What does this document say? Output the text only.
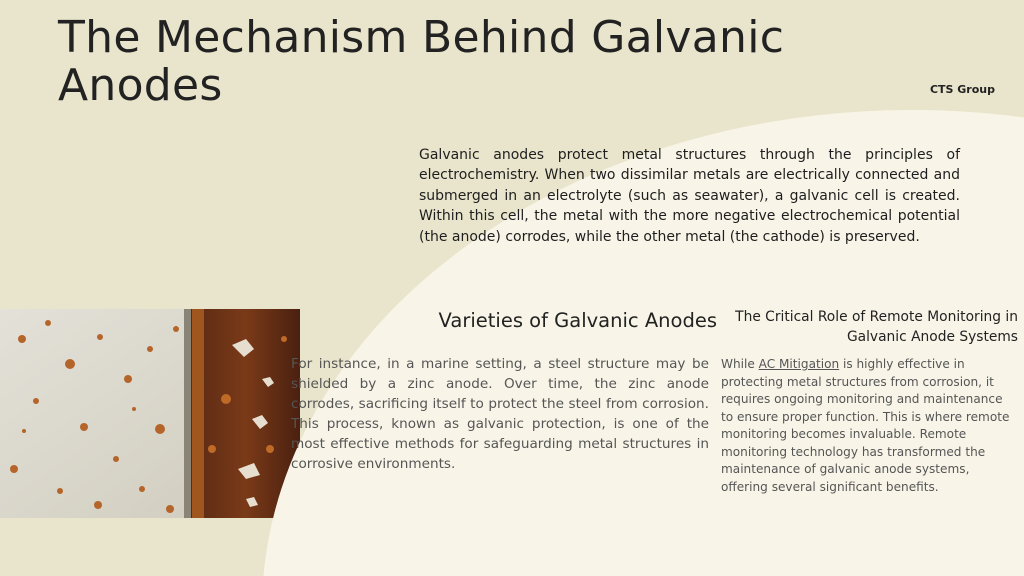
The Mechanism Behind Galvanic Anodes	CTS Group

Galvanic anodes protect metal structures through the principles of electrochemistry. When two dissimilar metals are electrically connected and submerged in an electrolyte (such as seawater), a galvanic cell is created. Within this cell, the metal with the more negative electrochemical potential (the anode) corrodes, while the other metal (the cathode) is preserved.

Varieties of Galvanic Anodes

For instance, in a marine setting, a steel structure may be shielded by a zinc anode. Over time, the zinc anode corrodes, sacrificing itself to protect the steel from corrosion. This process, known as galvanic protection, is one of the most effective methods for safeguarding metal structures in corrosive environments.

The Critical Role of Remote Monitoring in Galvanic Anode Systems

While AC Mitigation is highly effective in protecting metal structures from corrosion, it requires ongoing monitoring and maintenance to ensure proper function. This is where remote monitoring becomes invaluable. Remote monitoring technology has transformed the maintenance of galvanic anode systems, offering several significant benefits.
